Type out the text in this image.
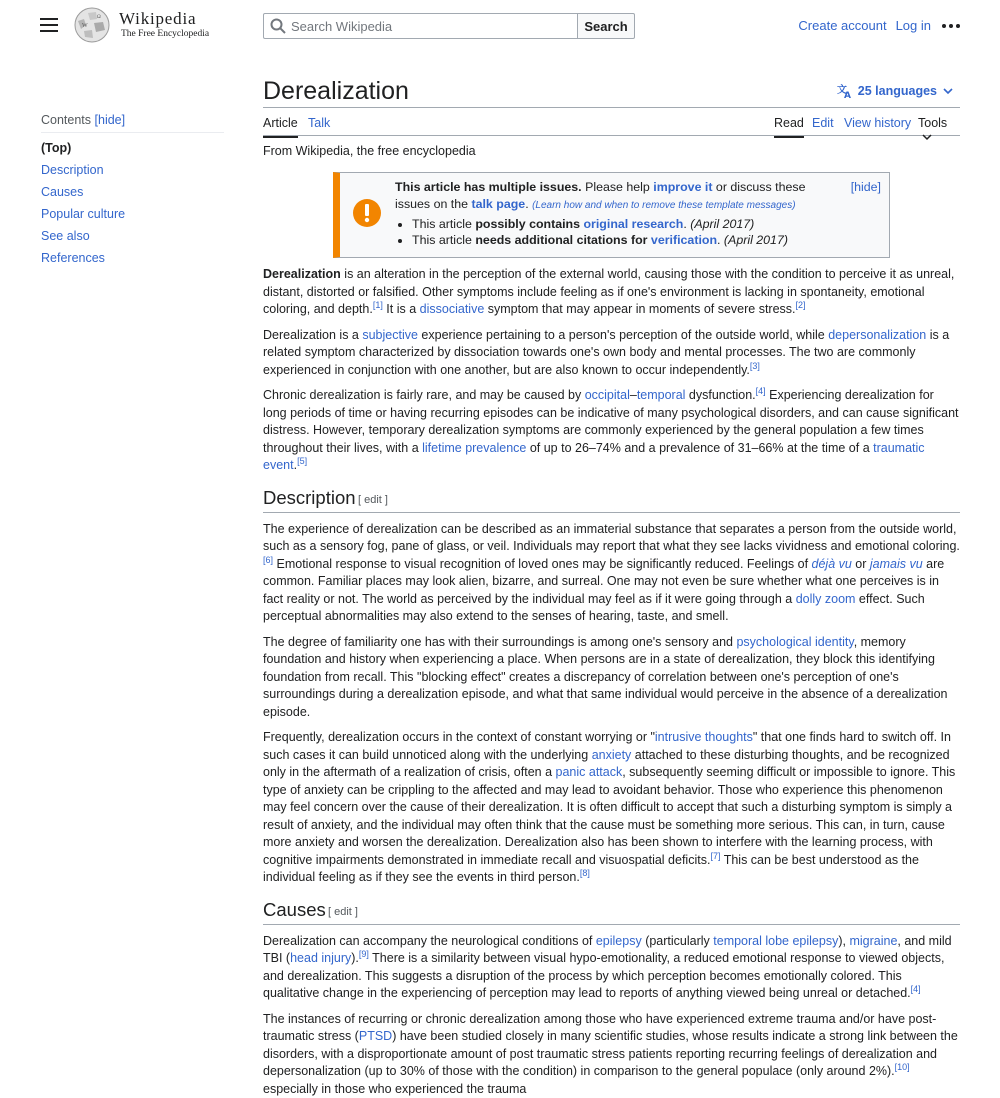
W
Ω Wikipedia
The Free Encyclopedia
Search Wikipedia
Search	Create account Log in
Contents [hide]
(Top)
Description
Causes
Popular culture
See also
References
Derealization	文
A 25 languages
Article Talk	Read Edit View history Tools
From Wikipedia, the free encyclopedia
[hide]
This article has multiple issues. Please help improve it or discuss these issues on the talk page. (Learn how and when to remove these template messages)
• This article possibly contains original research. (April 2017)
• This article needs additional citations for verification. (April 2017)

Derealization is an alteration in the perception of the external world, causing those with the condition to perceive it as unreal, distant, distorted or falsified. Other symptoms include feeling as if one's environment is lacking in spontaneity, emotional coloring, and depth.[1] It is a dissociative symptom that may appear in moments of severe stress.[2]

Derealization is a subjective experience pertaining to a person's perception of the outside world, while depersonalization is a related symptom characterized by dissociation towards one's own body and mental processes. The two are commonly experienced in conjunction with one another, but are also known to occur independently.[3]

Chronic derealization is fairly rare, and may be caused by occipital–temporal dysfunction.[4] Experiencing derealization for long periods of time or having recurring episodes can be indicative of many psychological disorders, and can cause significant distress. However, temporary derealization symptoms are commonly experienced by the general population a few times throughout their lives, with a lifetime prevalence of up to 26–74% and a prevalence of 31–66% at the time of a traumatic event.[5]

Description [ edit ]

The experience of derealization can be described as an immaterial substance that separates a person from the outside world, such as a sensory fog, pane of glass, or veil. Individuals may report that what they see lacks vividness and emotional coloring.[6] Emotional response to visual recognition of loved ones may be significantly reduced. Feelings of déjà vu or jamais vu are common. Familiar places may look alien, bizarre, and surreal. One may not even be sure whether what one perceives is in fact reality or not. The world as perceived by the individual may feel as if it were going through a dolly zoom effect. Such perceptual abnormalities may also extend to the senses of hearing, taste, and smell.

The degree of familiarity one has with their surroundings is among one's sensory and psychological identity, memory foundation and history when experiencing a place. When persons are in a state of derealization, they block this identifying foundation from recall. This "blocking effect" creates a discrepancy of correlation between one's perception of one's surroundings during a derealization episode, and what that same individual would perceive in the absence of a derealization episode.

Frequently, derealization occurs in the context of constant worrying or "intrusive thoughts" that one finds hard to switch off. In such cases it can build unnoticed along with the underlying anxiety attached to these disturbing thoughts, and be recognized only in the aftermath of a realization of crisis, often a panic attack, subsequently seeming difficult or impossible to ignore. This type of anxiety can be crippling to the affected and may lead to avoidant behavior. Those who experience this phenomenon may feel concern over the cause of their derealization. It is often difficult to accept that such a disturbing symptom is simply a result of anxiety, and the individual may often think that the cause must be something more serious. This can, in turn, cause more anxiety and worsen the derealization. Derealization also has been shown to interfere with the learning process, with cognitive impairments demonstrated in immediate recall and visuospatial deficits.[7] This can be best understood as the individual feeling as if they see the events in third person.[8]

Causes [ edit ]

Derealization can accompany the neurological conditions of epilepsy (particularly temporal lobe epilepsy), migraine, and mild TBI (head injury).[9] There is a similarity between visual hypo-emotionality, a reduced emotional response to viewed objects, and derealization. This suggests a disruption of the process by which perception becomes emotionally colored. This qualitative change in the experiencing of perception may lead to reports of anything viewed being unreal or detached.[4]

The instances of recurring or chronic derealization among those who have experienced extreme trauma and/or have post-traumatic stress (PTSD) have been studied closely in many scientific studies, whose results indicate a strong link between the disorders, with a disproportionate amount of post traumatic stress patients reporting recurring feelings of derealization and depersonalization (up to 30% of those with the condition) in comparison to the general populace (only around 2%).[10] especially in those who experienced the trauma
